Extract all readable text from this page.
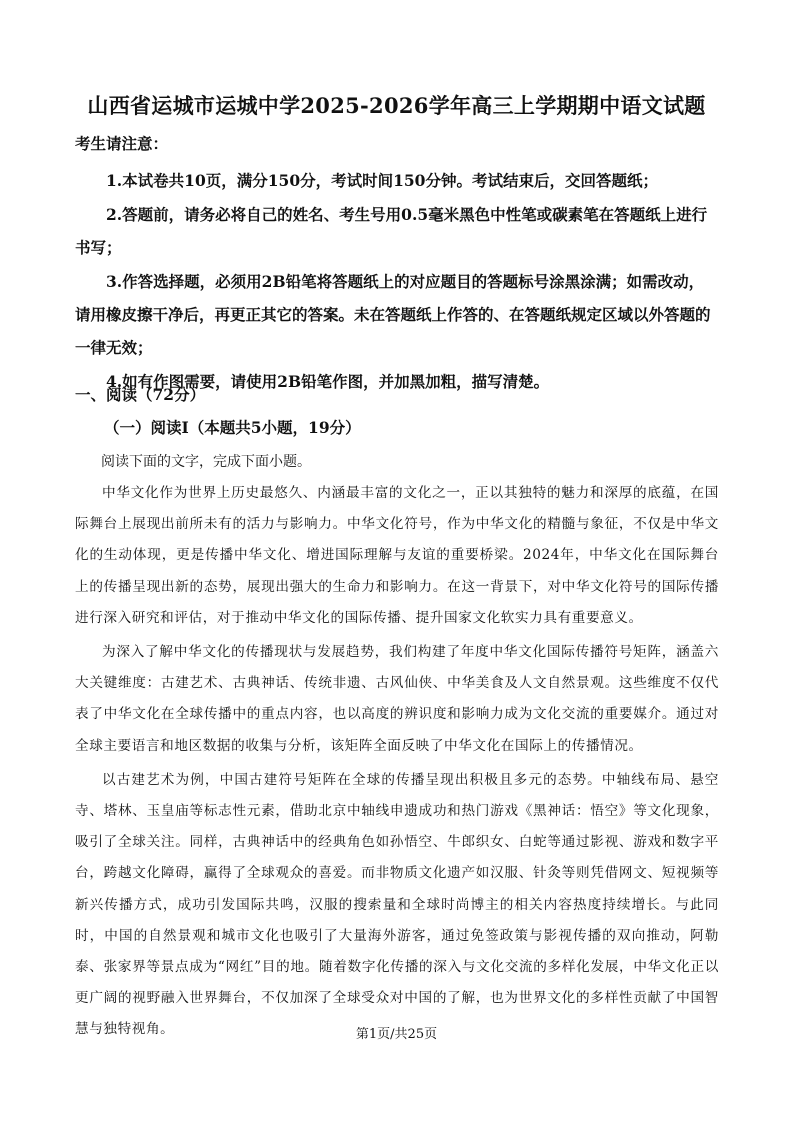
山西省运城市运城中学2025-2026学年高三上学期期中语文试题
考生请注意：

1.本试卷共10页，满分150分，考试时间150分钟。考试结束后，交回答题纸；

2.答题前，请务必将自己的姓名、考生号用0.5毫米黑色中性笔或碳素笔在答题纸上进行书写；

3.作答选择题，必须用2B铅笔将答题纸上的对应题目的答题标号涂黑涂满；如需改动，请用橡皮擦干净后，再更正其它的答案。未在答题纸上作答的、在答题纸规定区域以外答题的一律无效；

4.如有作图需要，请使用2B铅笔作图，并加黑加粗，描写清楚。

一、阅读（72分）
（一）阅读Ⅰ（本题共5小题，19分）
阅读下面的文字，完成下面小题。

中华文化作为世界上历史最悠久、内涵最丰富的文化之一，正以其独特的魅力和深厚的底蕴，在国际舞台上展现出前所未有的活力与影响力。中华文化符号，作为中华文化的精髓与象征，不仅是中华文化的生动体现，更是传播中华文化、增进国际理解与友谊的重要桥梁。2024年，中华文化在国际舞台上的传播呈现出新的态势，展现出强大的生命力和影响力。在这一背景下，对中华文化符号的国际传播进行深入研究和评估，对于推动中华文化的国际传播、提升国家文化软实力具有重要意义。

为深入了解中华文化的传播现状与发展趋势，我们构建了年度中华文化国际传播符号矩阵，涵盖六大关键维度：古建艺术、古典神话、传统非遗、古风仙侠、中华美食及人文自然景观。这些维度不仅代表了中华文化在全球传播中的重点内容，也以高度的辨识度和影响力成为文化交流的重要媒介。通过对全球主要语言和地区数据的收集与分析，该矩阵全面反映了中华文化在国际上的传播情况。

以古建艺术为例，中国古建符号矩阵在全球的传播呈现出积极且多元的态势。中轴线布局、悬空寺、塔林、玉皇庙等标志性元素，借助北京中轴线申遗成功和热门游戏《黑神话：悟空》等文化现象，吸引了全球关注。同样，古典神话中的经典角色如孙悟空、牛郎织女、白蛇等通过影视、游戏和数字平台，跨越文化障碍，赢得了全球观众的喜爱。而非物质文化遗产如汉服、针灸等则凭借网文、短视频等新兴传播方式，成功引发国际共鸣，汉服的搜索量和全球时尚博主的相关内容热度持续增长。与此同时，中国的自然景观和城市文化也吸引了大量海外游客，通过免签政策与影视传播的双向推动，阿勒泰、张家界等景点成为“网红”目的地。随着数字化传播的深入与文化交流的多样化发展，中华文化正以更广阔的视野融入世界舞台，不仅加深了全球受众对中国的了解，也为世界文化的多样性贡献了中国智慧与独特视角。	第1页/共25页
